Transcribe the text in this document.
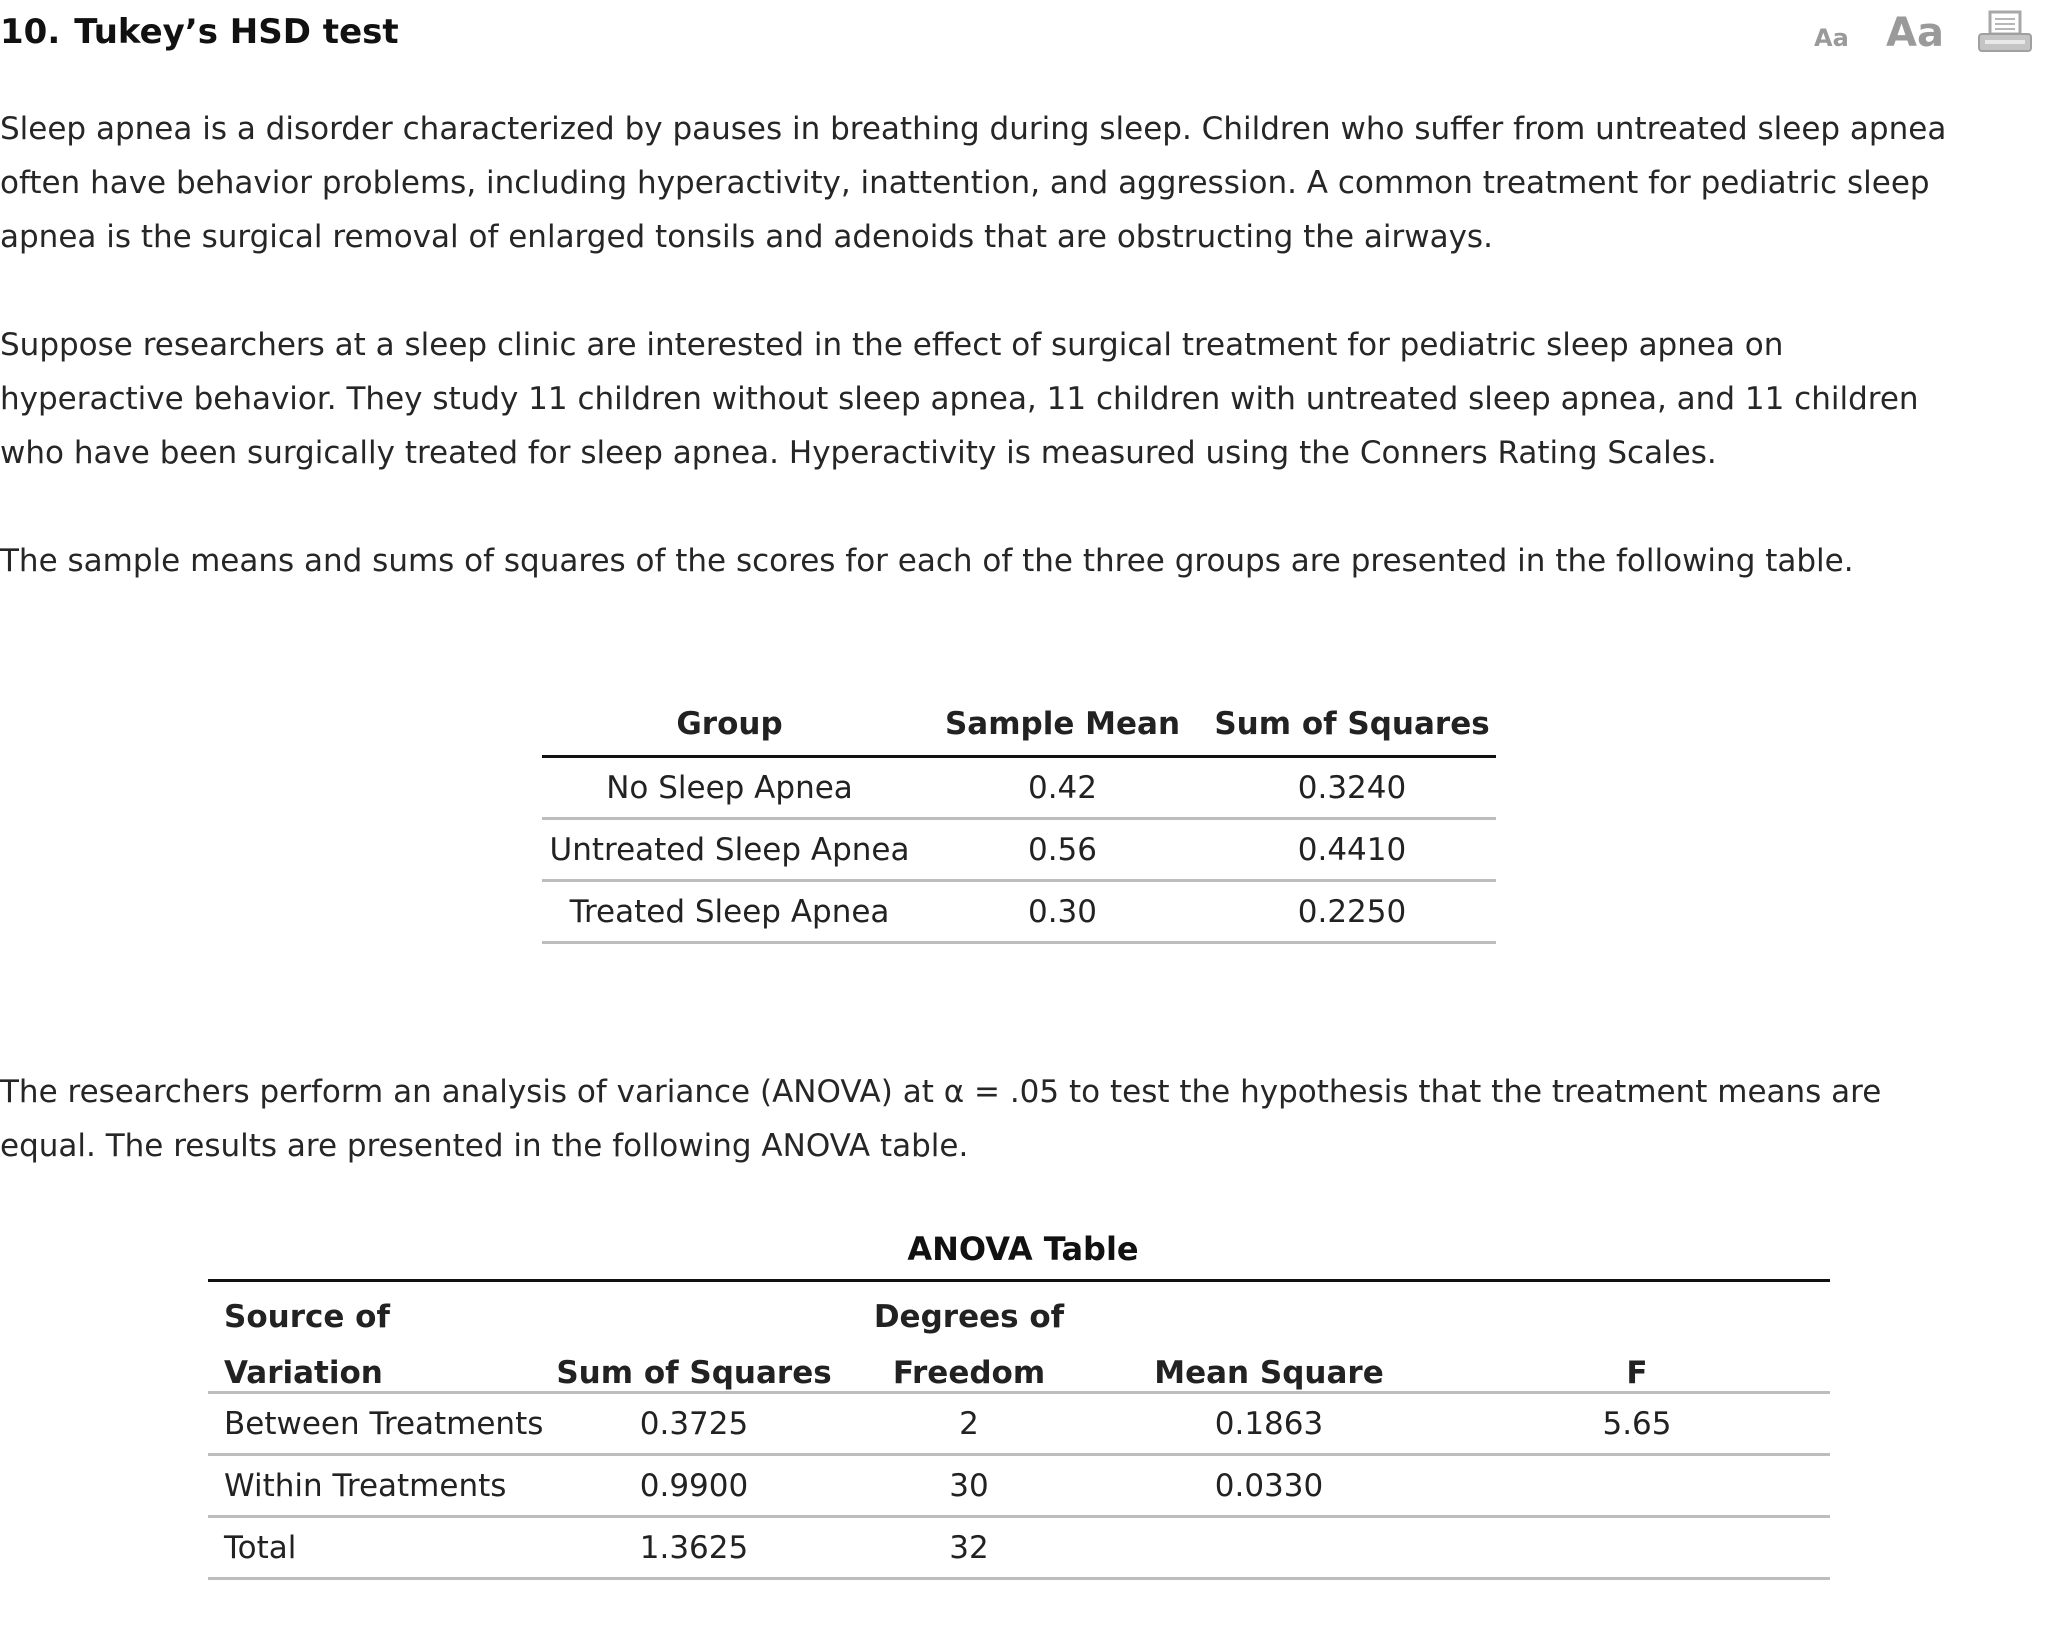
10. Tukey’s HSD test	Aa Aa

Sleep apnea is a disorder characterized by pauses in breathing during sleep. Children who suffer from untreated sleep apnea
often have behavior problems, including hyperactivity, inattention, and aggression. A common treatment for pediatric sleep
apnea is the surgical removal of enlarged tonsils and adenoids that are obstructing the airways.

Suppose researchers at a sleep clinic are interested in the effect of surgical treatment for pediatric sleep apnea on
hyperactive behavior. They study 11 children without sleep apnea, 11 children with untreated sleep apnea, and 11 children
who have been surgically treated for sleep apnea. Hyperactivity is measured using the Conners Rating Scales.

The sample means and sums of squares of the scores for each of the three groups are presented in the following table.

Group	Sample Mean	Sum of Squares
No Sleep Apnea	0.42	0.3240
Untreated Sleep Apnea	0.56	0.4410
Treated Sleep Apnea	0.30	0.2250

The researchers perform an analysis of variance (ANOVA) at α = .05 to test the hypothesis that the treatment means are
equal. The results are presented in the following ANOVA table.

ANOVA Table
Source of		Degrees of		
Variation	Sum of Squares	Freedom	Mean Square	F
Between Treatments	0.3725	2	0.1863	5.65
Within Treatments	0.9900	30	0.0330	
Total	1.3625	32		
